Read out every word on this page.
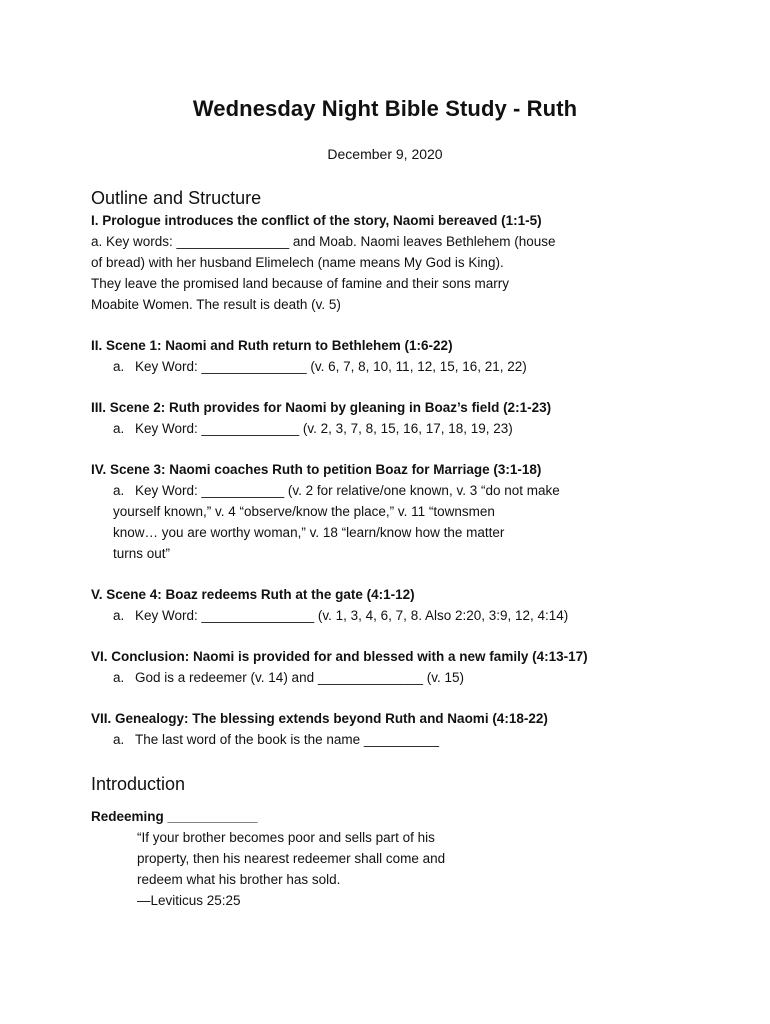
Wednesday Night Bible Study - Ruth
December 9, 2020
Outline and Structure
I. Prologue introduces the conflict of the story, Naomi bereaved (1:1-5)
a. Key words: _______________ and Moab. Naomi leaves Bethlehem (house
of bread) with her husband Elimelech (name means My God is King).
They leave the promised land because of famine and their sons marry
Moabite Women. The result is death (v. 5)
II. Scene 1: Naomi and Ruth return to Bethlehem (1:6-22)
a. Key Word: ______________ (v. 6, 7, 8, 10, 11, 12, 15, 16, 21, 22)
III. Scene 2: Ruth provides for Naomi by gleaning in Boaz’s field (2:1-23)
a. Key Word: _____________ (v. 2, 3, 7, 8, 15, 16, 17, 18, 19, 23)
IV. Scene 3: Naomi coaches Ruth to petition Boaz for Marriage (3:1-18)
a. Key Word: ___________ (v. 2 for relative/one known, v. 3 “do not make
yourself known,” v. 4 “observe/know the place,” v. 11 “townsmen
know… you are worthy woman,” v. 18 “learn/know how the matter
turns out”
V. Scene 4: Boaz redeems Ruth at the gate (4:1-12)
a. Key Word: _______________ (v. 1, 3, 4, 6, 7, 8. Also 2:20, 3:9, 12, 4:14)
VI. Conclusion: Naomi is provided for and blessed with a new family (4:13-17)
a. God is a redeemer (v. 14) and ______________ (v. 15)
VII. Genealogy: The blessing extends beyond Ruth and Naomi (4:18-22)
a. The last word of the book is the name __________
Introduction
Redeeming ____________
“If your brother becomes poor and sells part of his
property, then his nearest redeemer shall come and
redeem what his brother has sold.
—Leviticus 25:25
